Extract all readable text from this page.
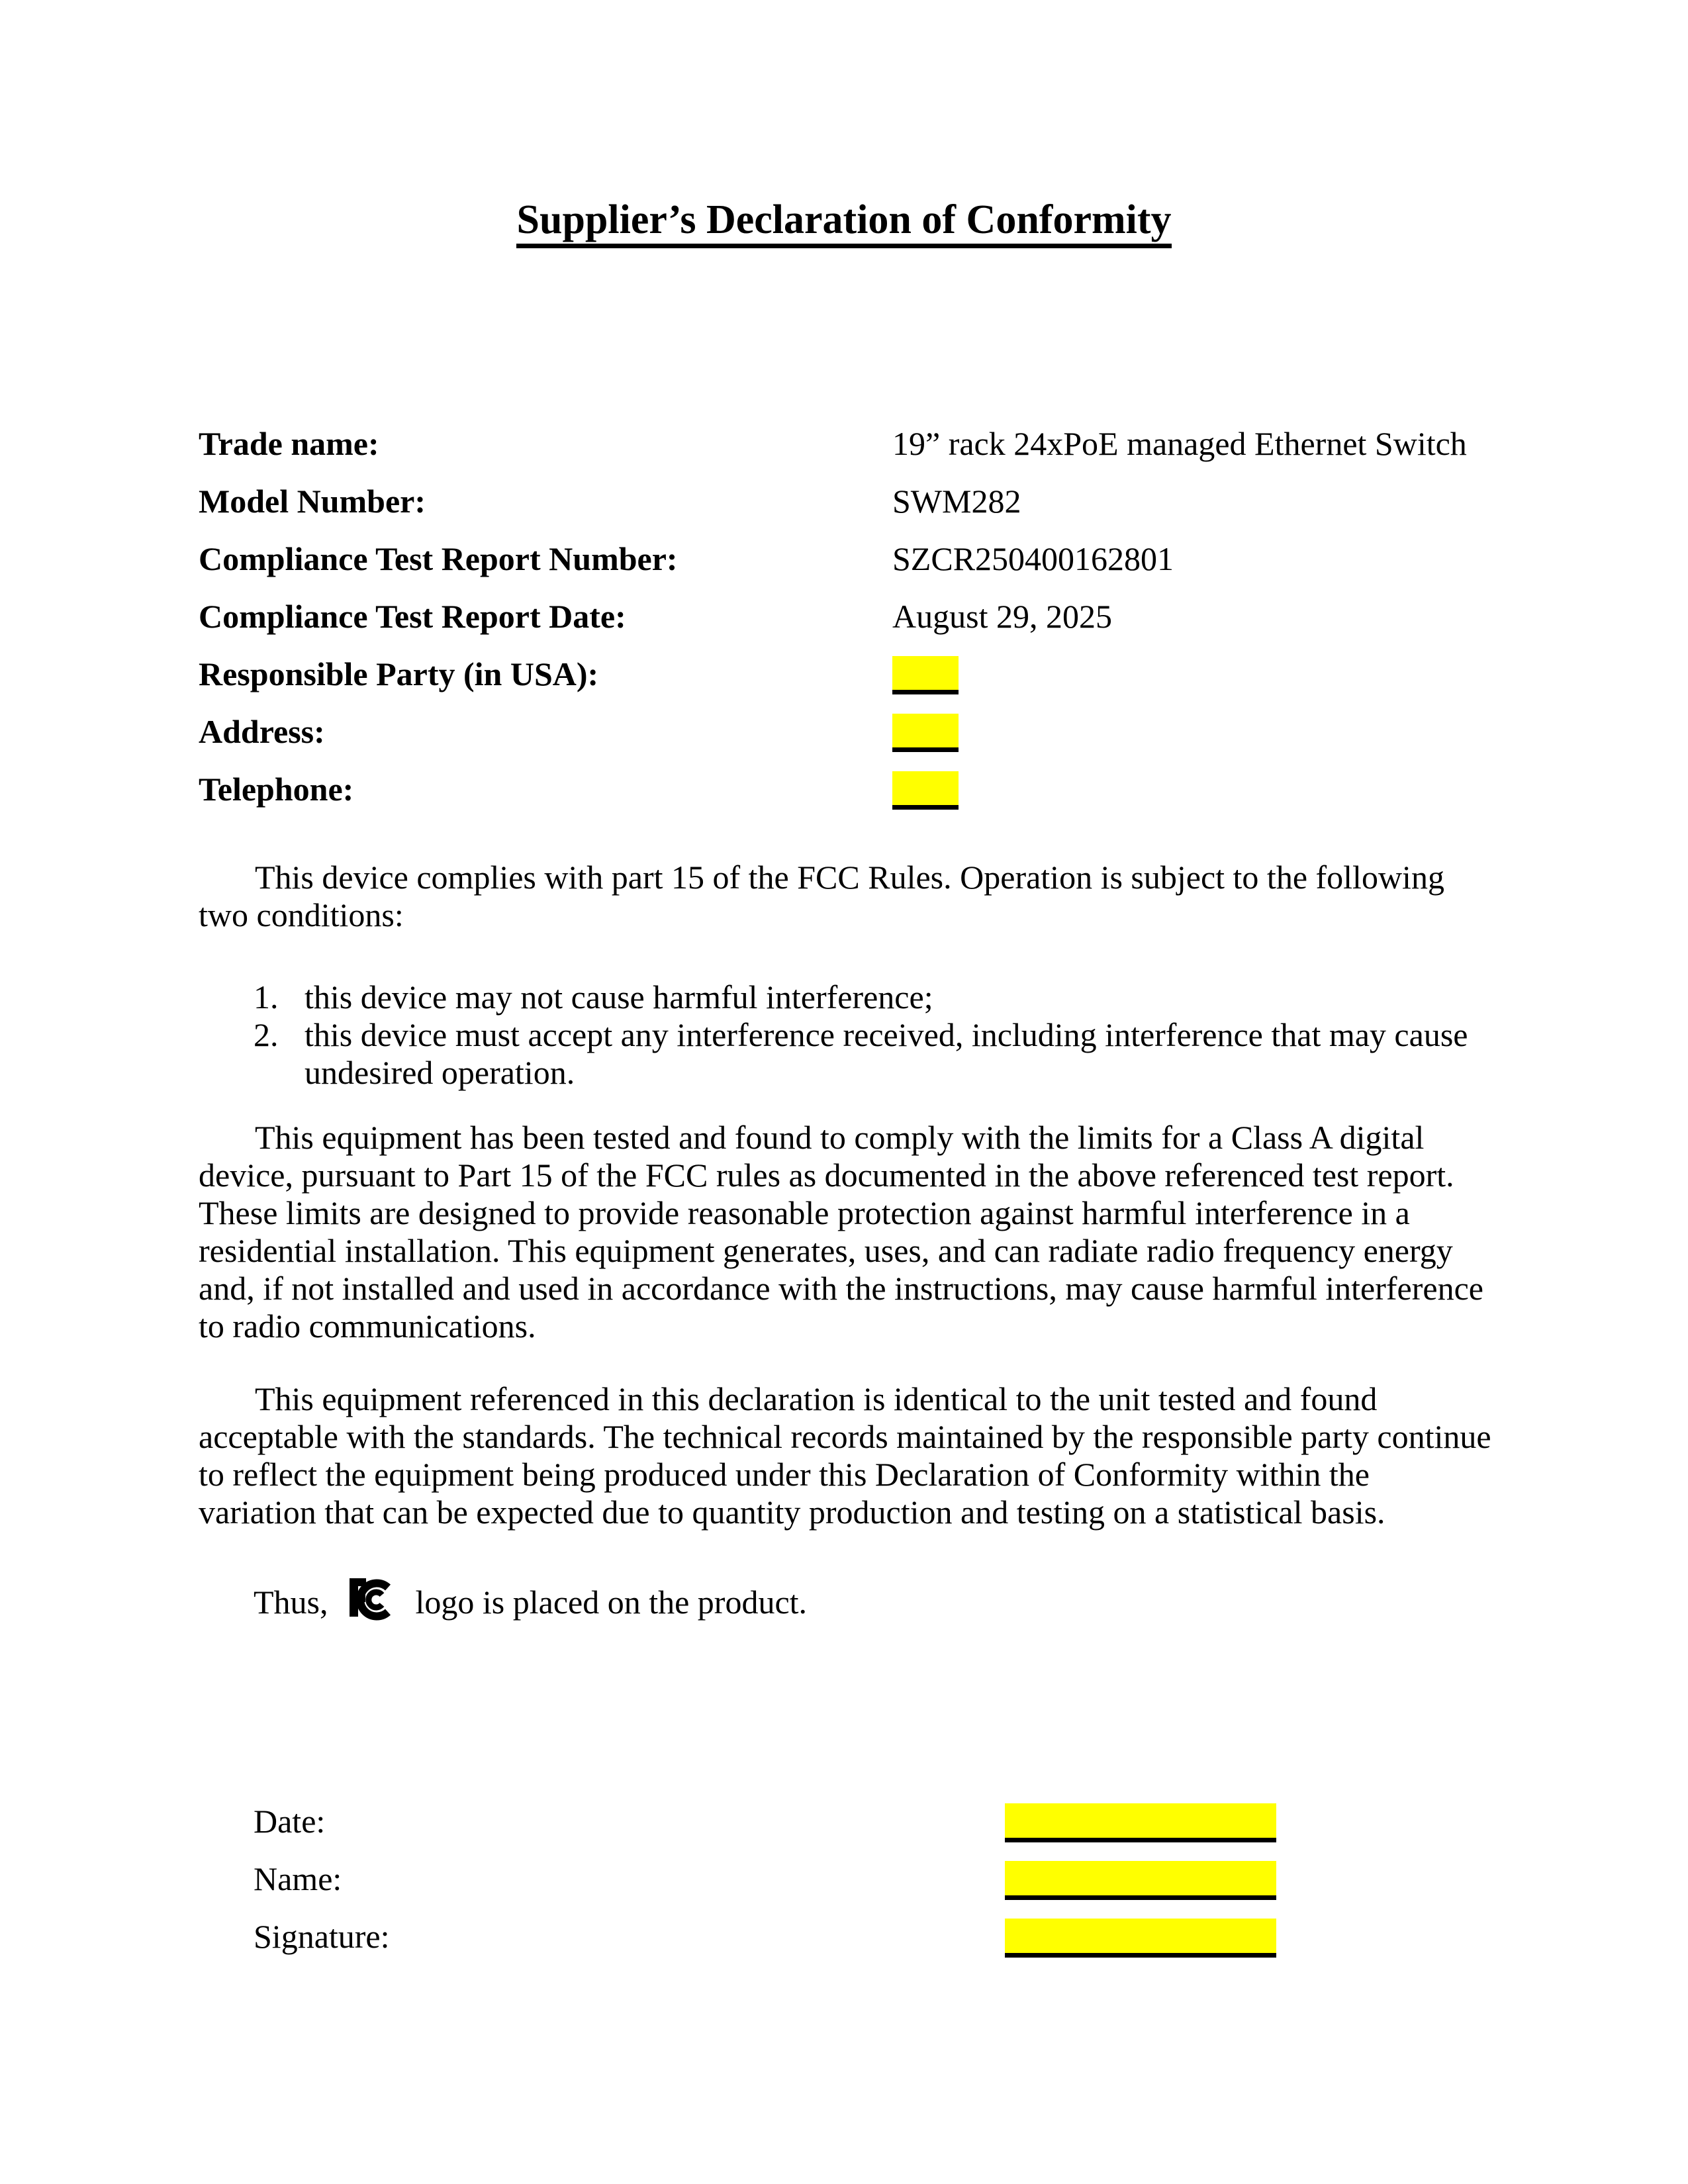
Supplier’s Declaration of Conformity
Trade name:	19” rack 24xPoE managed Ethernet Switch
Model Number:	SWM282
Compliance Test Report Number:	SZCR250400162801
Compliance Test Report Date:	August 29, 2025
Responsible Party (in USA):
Address:
Telephone:
This device complies with part 15 of the FCC Rules. Operation is subject to the following two conditions:
1. this device may not cause harmful interference;
2. this device must accept any interference received, including interference that may cause undesired operation.
This equipment has been tested and found to comply with the limits for a Class A digital device, pursuant to Part 15 of the FCC rules as documented in the above referenced test report. These limits are designed to provide reasonable protection against harmful interference in a residential installation. This equipment generates, uses, and can radiate radio frequency energy and, if not installed and used in accordance with the instructions, may cause harmful interference to radio communications.
This equipment referenced in this declaration is identical to the unit tested and found acceptable with the standards. The technical records maintained by the responsible party continue to reflect the equipment being produced under this Declaration of Conformity within the variation that can be expected due to quantity production and testing on a statistical basis.
Thus,	logo is placed on the product.
Date:
Name:
Signature:
